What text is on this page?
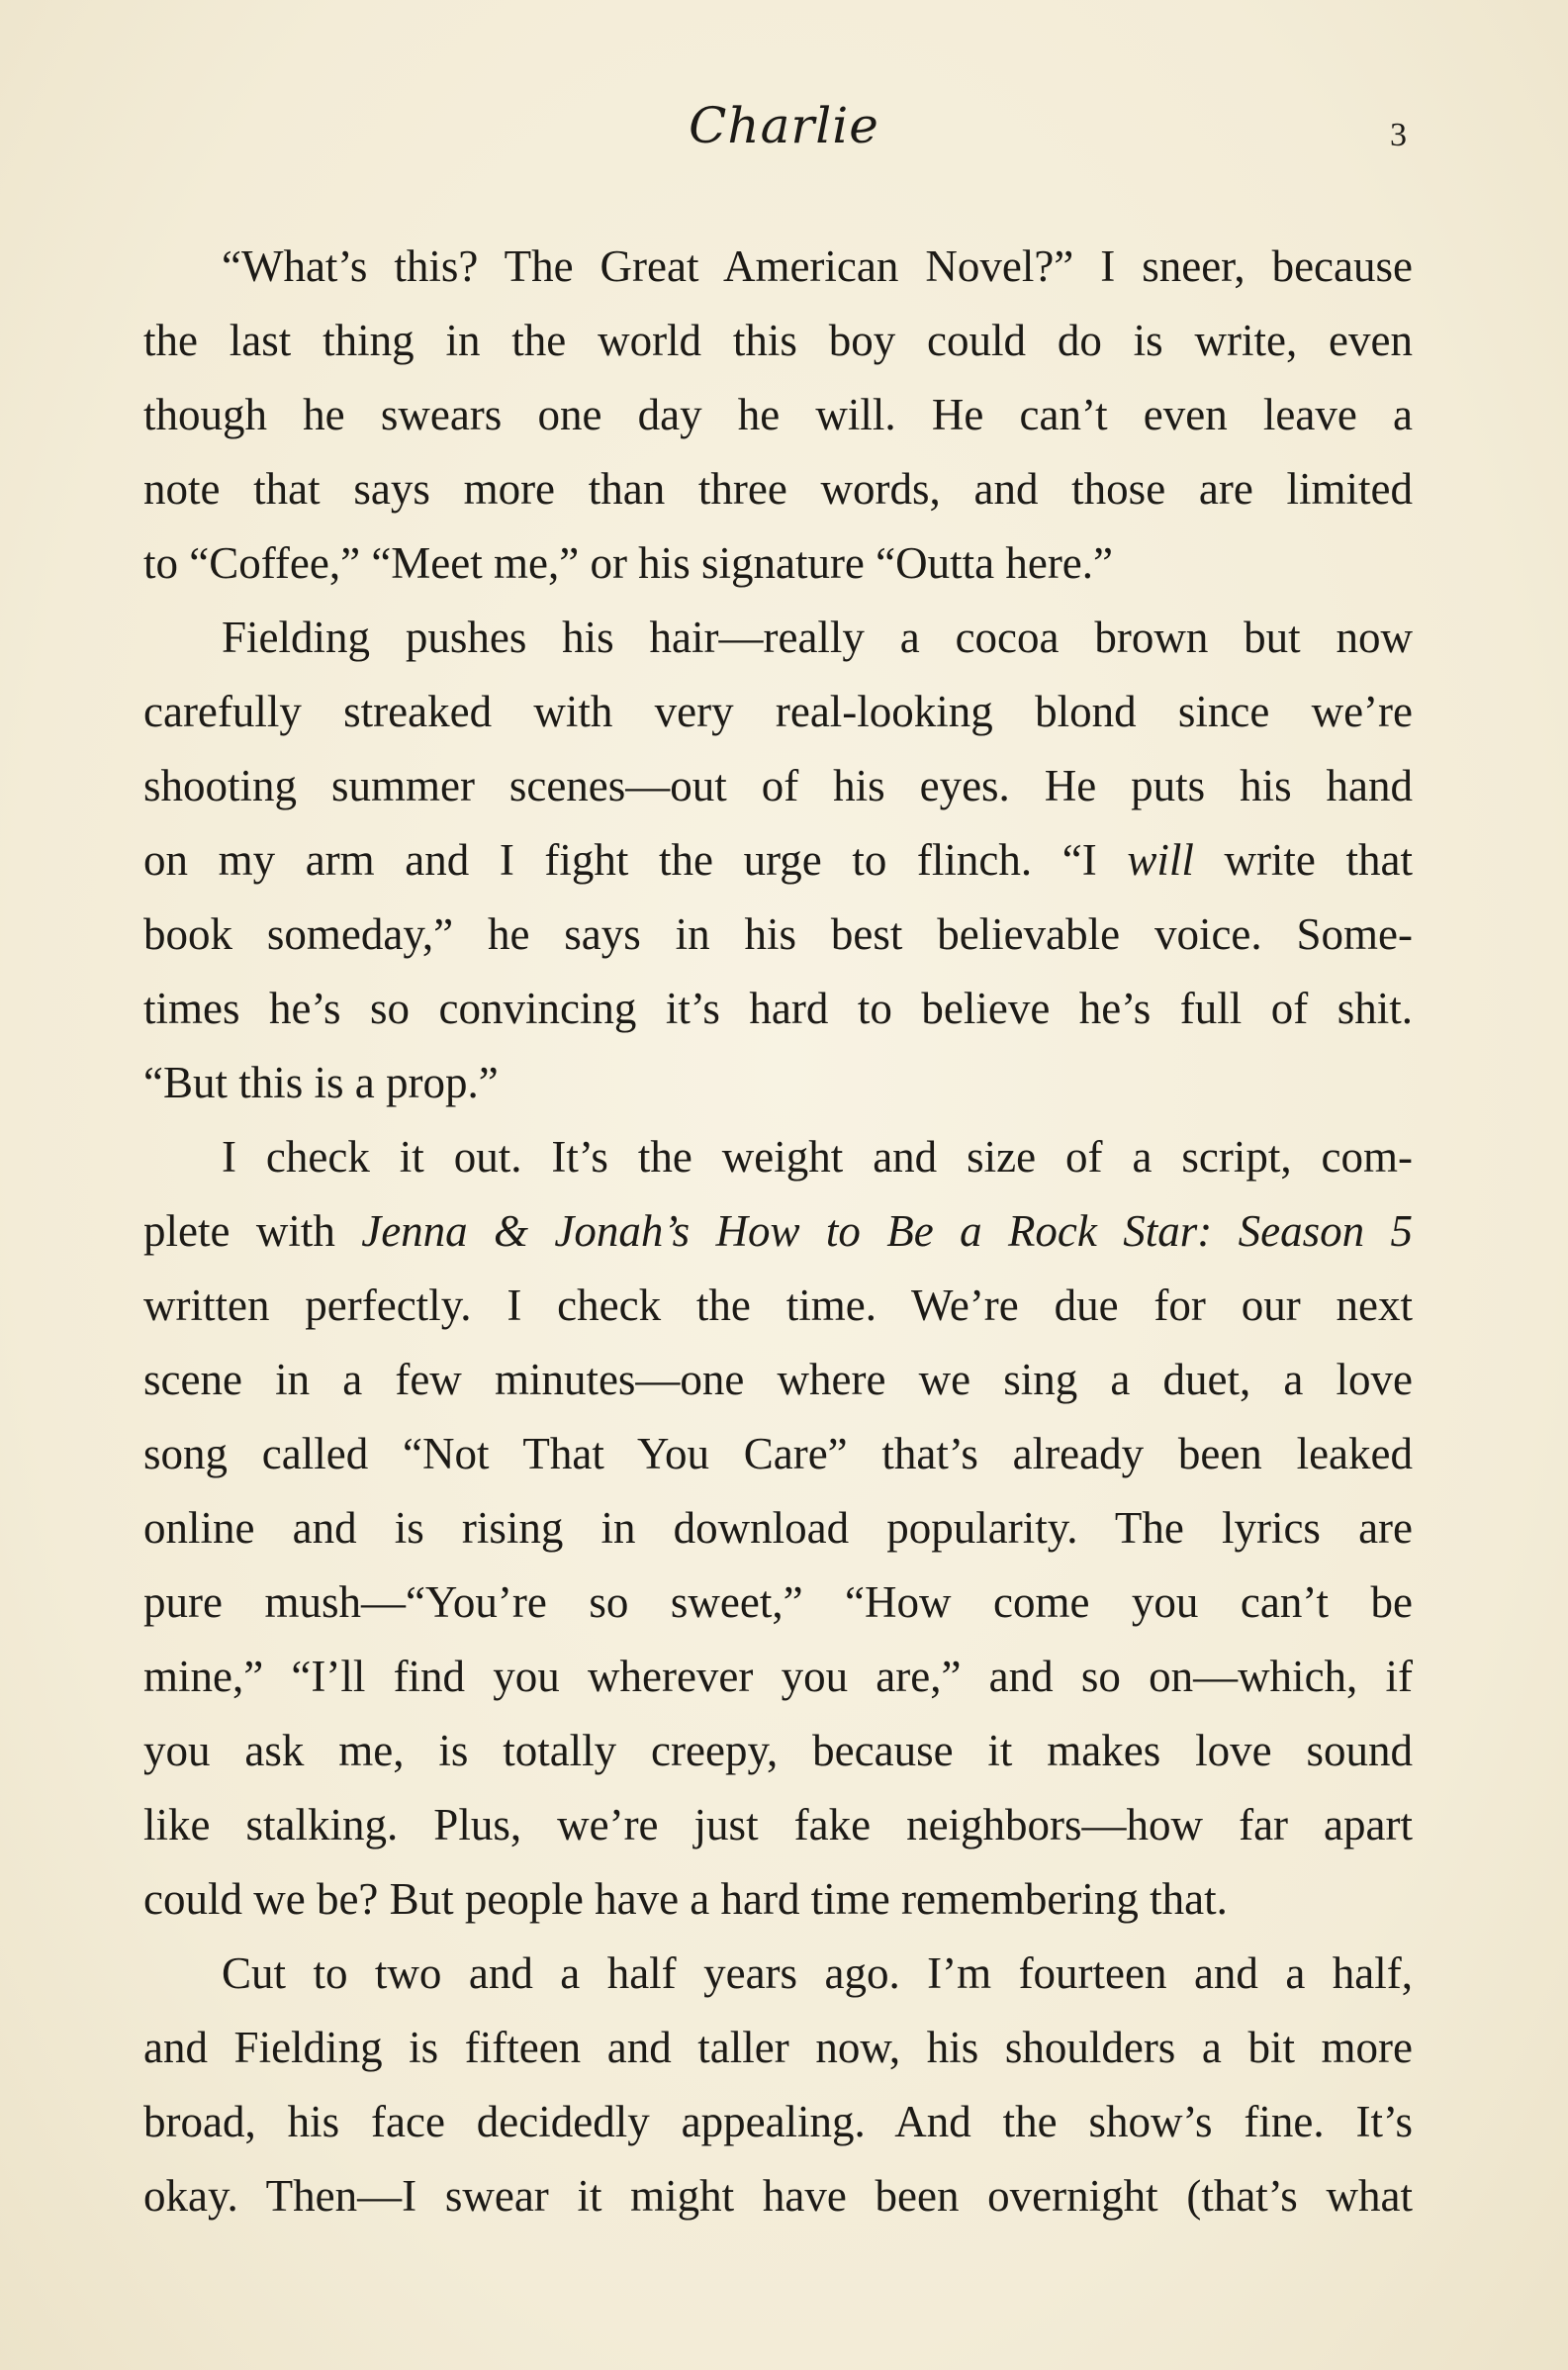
Charlie	3
“What’s this? The Great American Novel?” I sneer, because
the last thing in the world this boy could do is write, even
though he swears one day he will. He can’t even leave a
note that says more than three words, and those are limited
to “Coffee,” “Meet me,” or his signature “Outta here.”
Fielding pushes his hair—really a cocoa brown but now
carefully streaked with very real-looking blond since we’re
shooting summer scenes—out of his eyes. He puts his hand
on my arm and I fight the urge to flinch. “I will write that
book someday,” he says in his best believable voice. Some-
times he’s so convincing it’s hard to believe he’s full of shit.
“But this is a prop.”
I check it out. It’s the weight and size of a script, com-
plete with Jenna & Jonah’s How to Be a Rock Star: Season 5
written perfectly. I check the time. We’re due for our next
scene in a few minutes—one where we sing a duet, a love
song called “Not That You Care” that’s already been leaked
online and is rising in download popularity. The lyrics are
pure mush—“You’re so sweet,” “How come you can’t be
mine,” “I’ll find you wherever you are,” and so on—which, if
you ask me, is totally creepy, because it makes love sound
like stalking. Plus, we’re just fake neighbors—how far apart
could we be? But people have a hard time remembering that.
Cut to two and a half years ago. I’m fourteen and a half,
and Fielding is fifteen and taller now, his shoulders a bit more
broad, his face decidedly appealing. And the show’s fine. It’s
okay. Then—I swear it might have been overnight (that’s what
